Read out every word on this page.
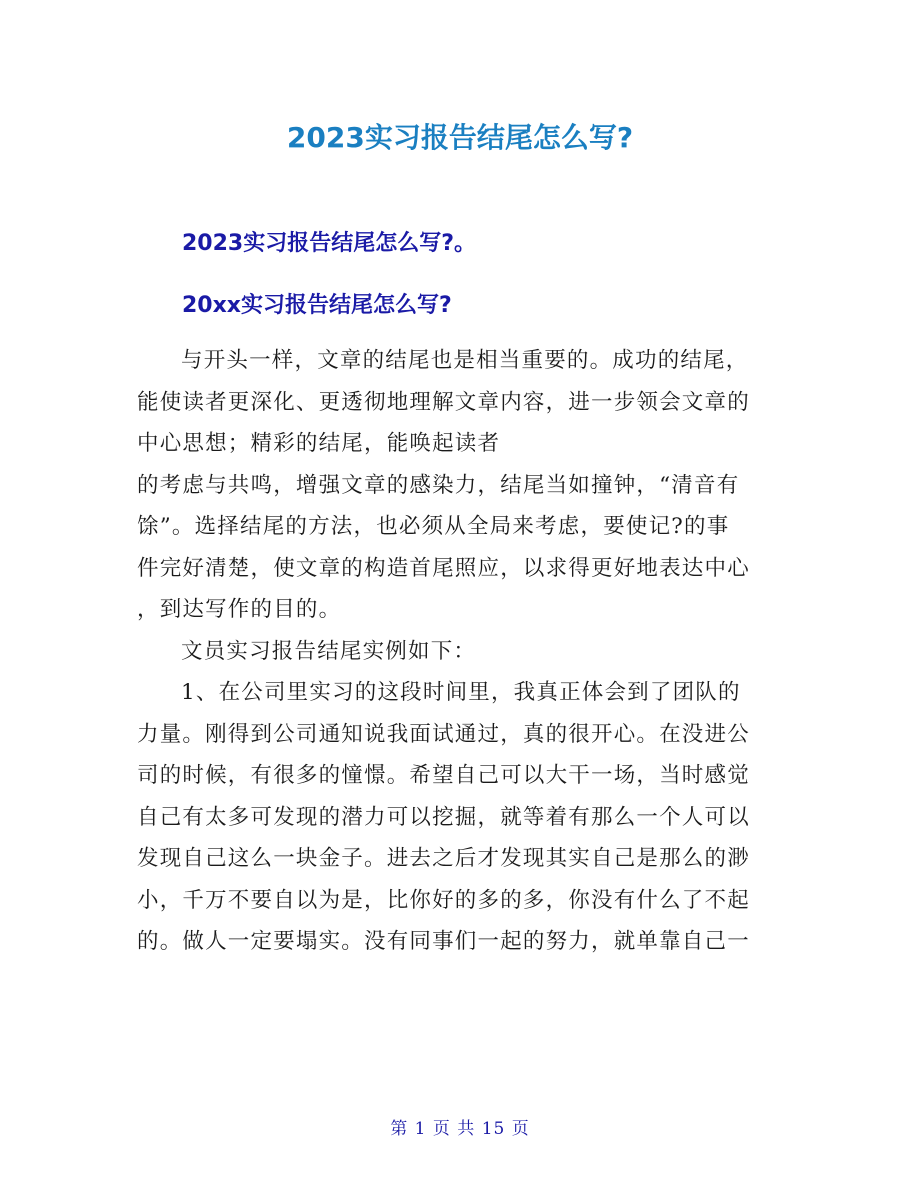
2023实习报告结尾怎么写?
2023实习报告结尾怎么写?。
20xx实习报告结尾怎么写?
与开头一样，文章的结尾也是相当重要的。成功的结尾，
能使读者更深化、更透彻地理解文章内容，进一步领会文章的
中心思想；精彩的结尾，能唤起读者
的考虑与共鸣，增强文章的感染力，结尾当如撞钟，“清音有
馀”。选择结尾的方法，也必须从全局来考虑，要使记?的事
件完好清楚，使文章的构造首尾照应，以求得更好地表达中心
，到达写作的目的。
文员实习报告结尾实例如下：
1、在公司里实习的这段时间里，我真正体会到了团队的
力量。刚得到公司通知说我面试通过，真的很开心。在没进公
司的时候，有很多的憧憬。希望自己可以大干一场，当时感觉
自己有太多可发现的潜力可以挖掘，就等着有那么一个人可以
发现自己这么一块金子。进去之后才发现其实自己是那么的渺
小，千万不要自以为是，比你好的多的多，你没有什么了不起
的。做人一定要塌实。没有同事们一起的努力，就单靠自己一
第 1 页 共 15 页
